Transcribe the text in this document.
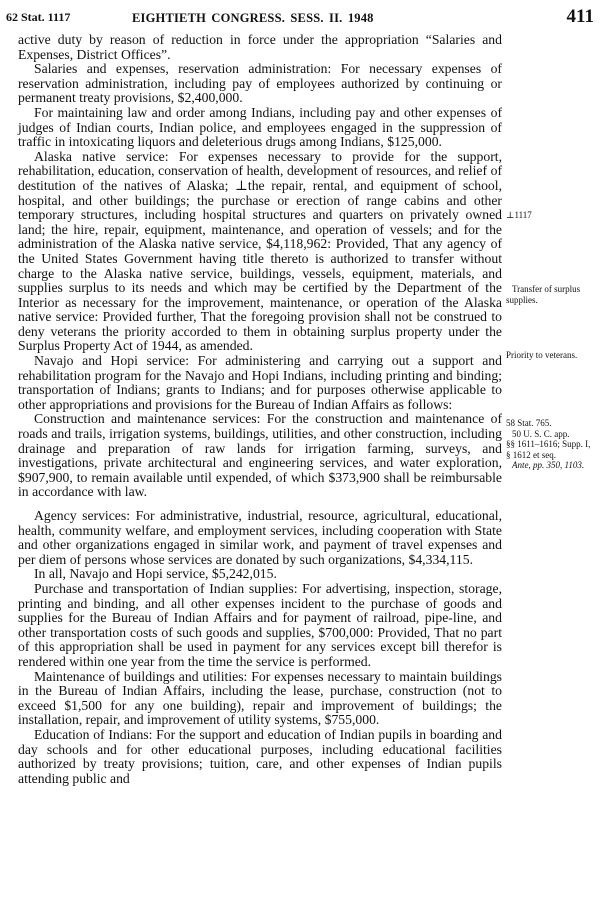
62 Stat. 1117	EIGHTIETH CONGRESS. SESS. II. 1948	411

active duty by reason of reduction in force under the appropriation “Salaries and Expenses, District Offices”.

Salaries and expenses, reservation administration: For necessary expenses of reservation administration, including pay of employees authorized by continuing or permanent treaty provisions, $2,400,000.

For maintaining law and order among Indians, including pay and other expenses of judges of Indian courts, Indian police, and employees engaged in the suppression of traffic in intoxicating liquors and deleterious drugs among Indians, $125,000.

Alaska native service: For expenses necessary to provide for the support, rehabilitation, education, conservation of health, development of resources, and relief of destitution of the natives of Alaska; ⊥the repair, rental, and equipment of school, hospital, and other buildings; the purchase or erection of range cabins and other temporary structures, including hospital structures and quarters on privately owned land; the hire, repair, equipment, maintenance, and operation of vessels; and for the administration of the Alaska native service, $4,118,962: Provided, That any agency of the United States Government having title thereto is authorized to transfer without charge to the Alaska native service, buildings, vessels, equipment, materials, and supplies surplus to its needs and which may be certified by the Department of the Interior as necessary for the improvement, maintenance, or operation of the Alaska native service: Provided further, That the foregoing provision shall not be construed to deny veterans the priority accorded to them in obtaining surplus property under the Surplus Property Act of 1944, as amended.

Navajo and Hopi service: For administering and carrying out a support and rehabilitation program for the Navajo and Hopi Indians, including printing and binding; transportation of Indians; grants to Indians; and for purposes otherwise applicable to other appropriations and provisions for the Bureau of Indian Affairs as follows:

Construction and maintenance services: For the construction and maintenance of roads and trails, irrigation systems, buildings, utilities, and other construction, including drainage and preparation of raw lands for irrigation farming, surveys, and investigations, private architectural and engineering services, and water exploration, $907,900, to remain available until expended, of which $373,900 shall be reimbursable in accordance with law.

Agency services: For administrative, industrial, resource, agricultural, educational, health, community welfare, and employment services, including cooperation with State and other organizations engaged in similar work, and payment of travel expenses and per diem of persons whose services are donated by such organizations, $4,334,115.

In all, Navajo and Hopi service, $5,242,015.

Purchase and transportation of Indian supplies: For advertising, inspection, storage, printing and binding, and all other expenses incident to the purchase of goods and supplies for the Bureau of Indian Affairs and for payment of railroad, pipe-line, and other transportation costs of such goods and supplies, $700,000: Provided, That no part of this appropriation shall be used in payment for any services except bill therefor is rendered within one year from the time the service is performed.

Maintenance of buildings and utilities: For expenses necessary to maintain buildings in the Bureau of Indian Affairs, including the lease, purchase, construction (not to exceed $1,500 for any one building), repair and improvement of buildings; the installation, repair, and improvement of utility systems, $755,000.

Education of Indians: For the support and education of Indian pupils in boarding and day schools and for other educational purposes, including educational facilities authorized by treaty provisions; tuition, care, and other expenses of Indian pupils attending public and

⊥1117
Transfer of surplus
supplies.
Priority to veterans.
58 Stat. 765.
50 U. S. C. app.
§§ 1611–1616; Supp. I,
§ 1612 et seq.
Ante, pp. 350, 1103.
